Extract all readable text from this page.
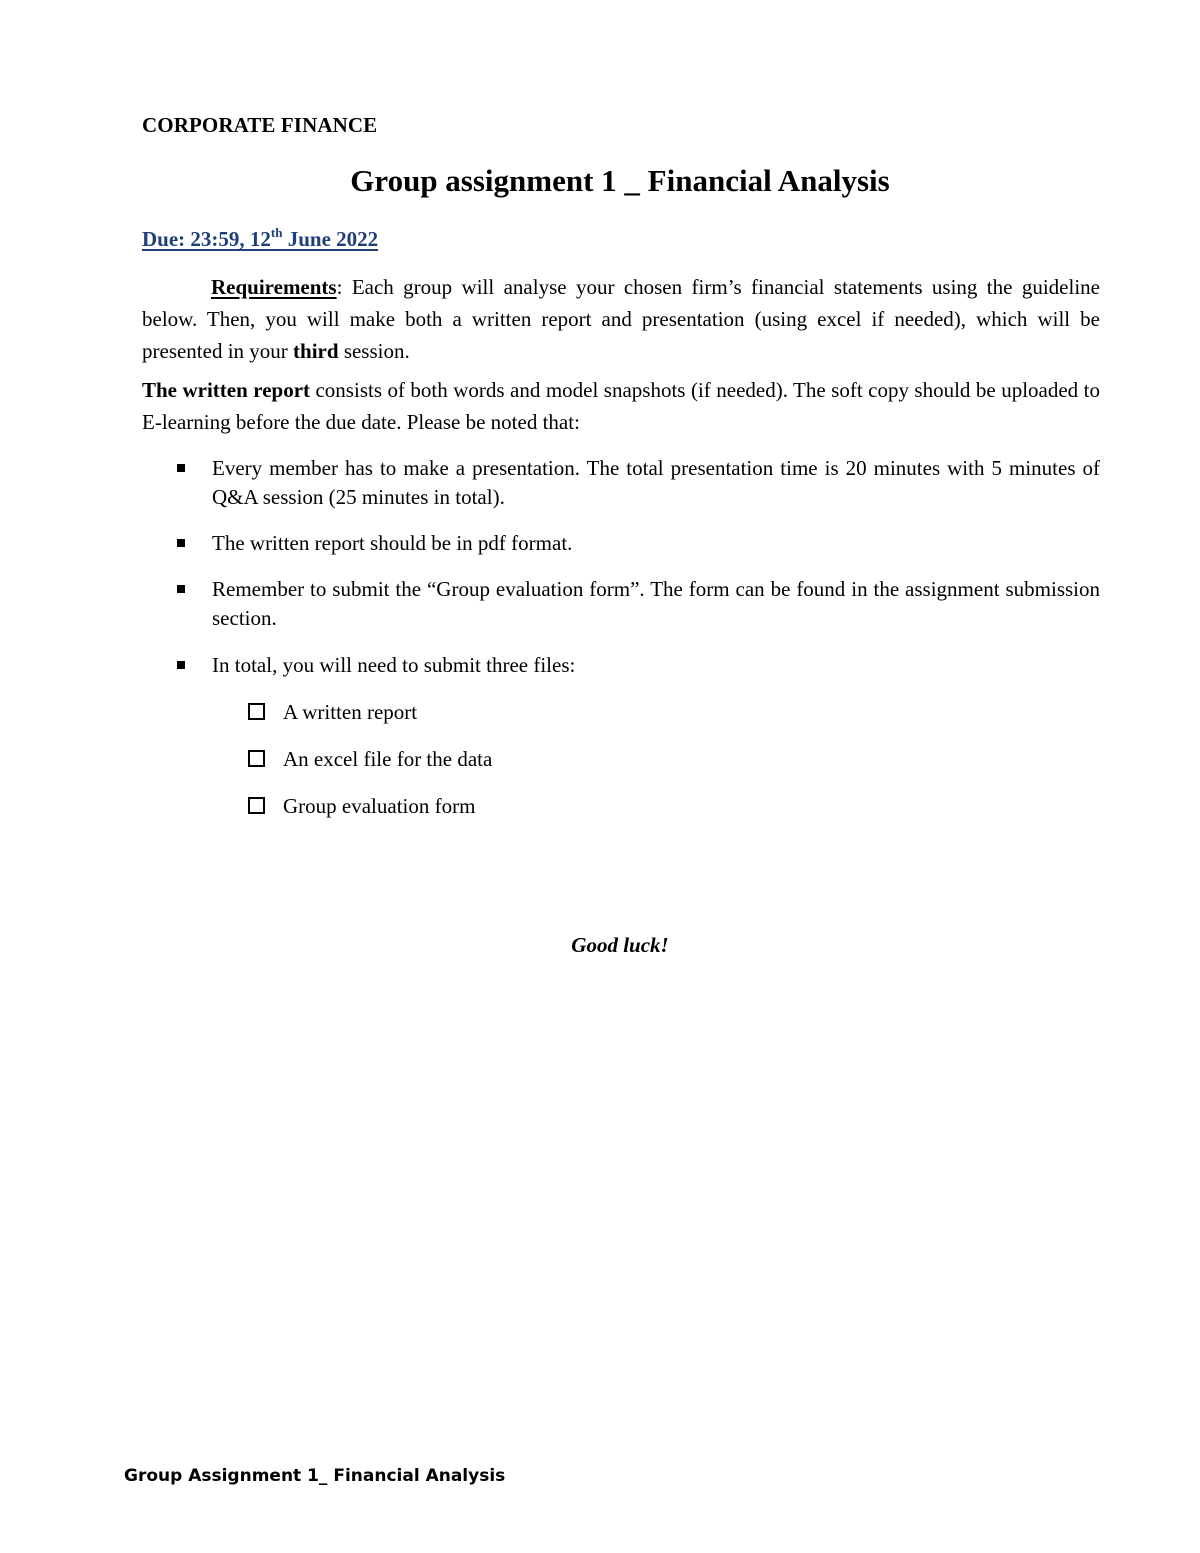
CORPORATE FINANCE
Group assignment 1 _ Financial Analysis
Due: 23:59, 12th June 2022
Requirements: Each group will analyse your chosen firm’s financial statements using the guideline below. Then, you will make both a written report and presentation (using excel if needed), which will be presented in your third session.
The written report consists of both words and model snapshots (if needed). The soft copy should be uploaded to E-learning before the due date. Please be noted that:
Every member has to make a presentation. The total presentation time is 20 minutes with 5 minutes of Q&A session (25 minutes in total).
The written report should be in pdf format.
Remember to submit the “Group evaluation form”. The form can be found in the assignment submission section.
In total, you will need to submit three files:
A written report
An excel file for the data
Group evaluation form
Good luck!
Group Assignment 1_ Financial Analysis
